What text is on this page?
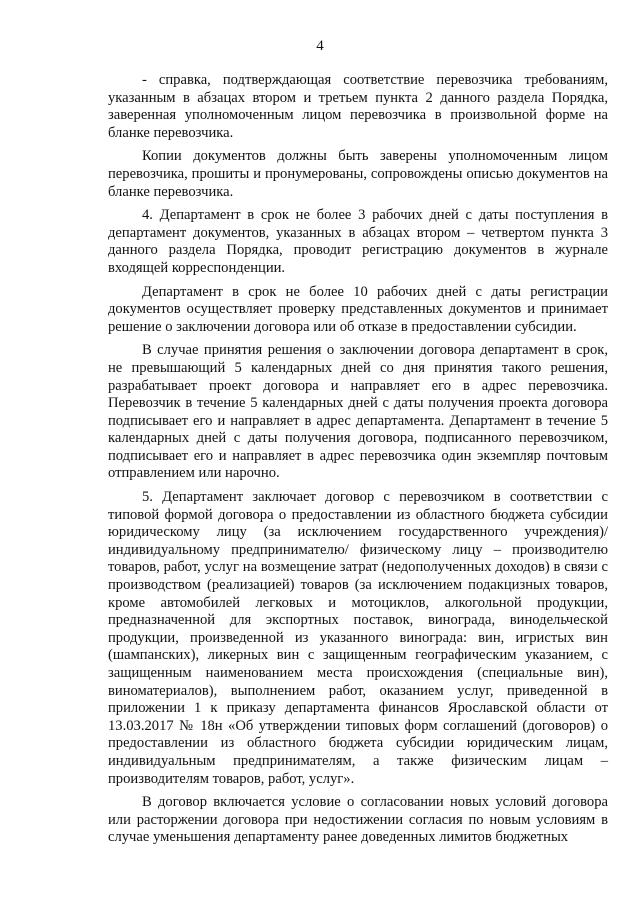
4

- справка, подтверждающая соответствие перевозчика требованиям, указанным в абзацах втором и третьем пункта 2 данного раздела Порядка, заверенная уполномоченным лицом перевозчика в произвольной форме на бланке перевозчика.

Копии документов должны быть заверены уполномоченным лицом перевозчика, прошиты и пронумерованы, сопровождены описью документов на бланке перевозчика.

4. Департамент в срок не более 3 рабочих дней с даты поступления в департамент документов, указанных в абзацах втором – четвертом пункта 3 данного раздела Порядка, проводит регистрацию документов в журнале входящей корреспонденции.

Департамент в срок не более 10 рабочих дней с даты регистрации документов осуществляет проверку представленных документов и принимает решение о заключении договора или об отказе в предоставлении субсидии.

В случае принятия решения о заключении договора департамент в срок, не превышающий 5 календарных дней со дня принятия такого решения, разрабатывает проект договора и направляет его в адрес перевозчика. Перевозчик в течение 5 календарных дней с даты получения проекта договора подписывает его и направляет в адрес департамента. Департамент в течение 5 календарных дней с даты получения договора, подписанного перевозчиком, подписывает его и направляет в адрес перевозчика один экземпляр почтовым отправлением или нарочно.

5. Департамент заключает договор с перевозчиком в соответствии с типовой формой договора о предоставлении из областного бюджета субсидии юридическому лицу (за исключением государственного учреждения)/ индивидуальному предпринимателю/ физическому лицу – производителю товаров, работ, услуг на возмещение затрат (недополученных доходов) в связи с производством (реализацией) товаров (за исключением подакцизных товаров, кроме автомобилей легковых и мотоциклов, алкогольной продукции, предназначенной для экспортных поставок, винограда, винодельческой продукции, произведенной из указанного винограда: вин, игристых вин (шампанских), ликерных вин с защищенным географическим указанием, с защищенным наименованием места происхождения (специальные вин), виноматериалов), выполнением работ, оказанием услуг, приведенной в приложении 1 к приказу департамента финансов Ярославской области от 13.03.2017 № 18н «Об утверждении типовых форм соглашений (договоров) о предоставлении из областного бюджета субсидии юридическим лицам, индивидуальным предпринимателям, а также физическим лицам – производителям товаров, работ, услуг».

В договор включается условие о согласовании новых условий договора или расторжении договора при недостижении согласия по новым условиям в случае уменьшения департаменту ранее доведенных лимитов бюджетных
